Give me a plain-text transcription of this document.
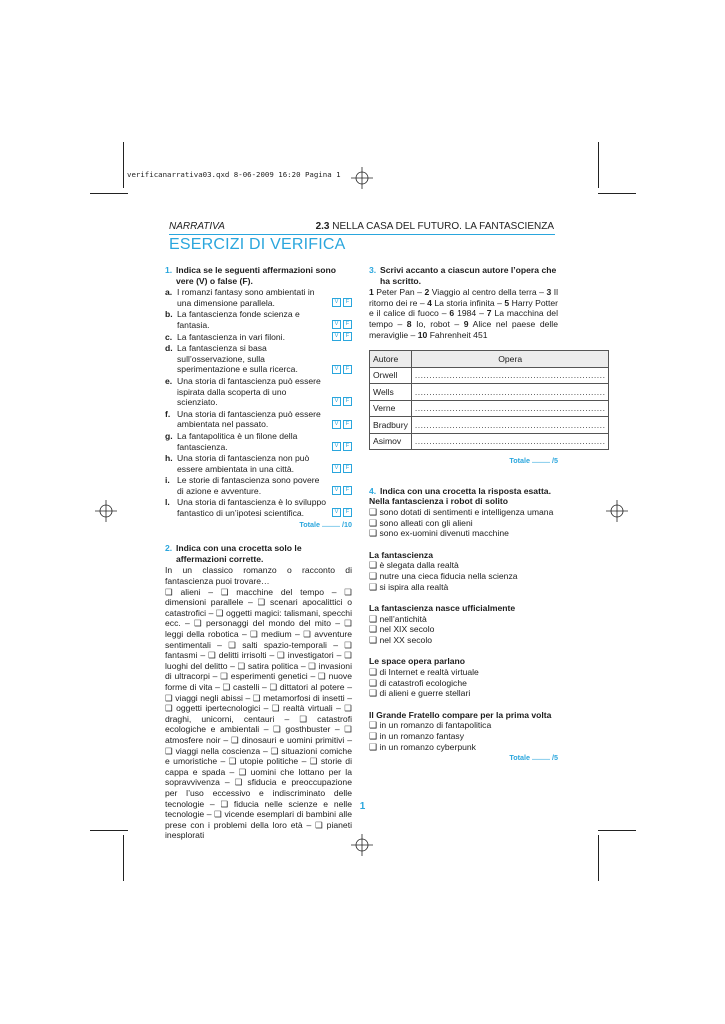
verificanarrativa03.qxd 8-06-2009 16:20 Pagina 1
NARRATIVA	2.3 NELLA CASA DEL FUTURO. LA FANTASCIENZA
ESERCIZI DI VERIFICA
1. Indica se le seguenti affermazioni sono vere (V) o false (F).
a. I romanzi fantasy sono ambientati in una dimensione parallela.	V F
b. La fantascienza fonde scienza e fantasia.	V F
c. La fantascienza in vari filoni.	V F
d. La fantascienza si basa sull’osservazione, sulla sperimentazione e sulla ricerca.	V F
e. Una storia di fantascienza può essere ispirata dalla scoperta di uno scienziato.	V F
f. Una storia di fantascienza può essere ambientata nel passato.	V F
g. La fantapolitica è un filone della fantascienza.	V F
h. Una storia di fantascienza non può essere ambientata in una città.	V F
i. Le storie di fantascienza sono povere di azione e avventure.	V F
l. Una storia di fantascienza è lo sviluppo fantastico di un’ipotesi scientifica.	V F
Totale ......... /10
2. Indica con una crocetta solo le affermazioni corrette.
In un classico romanzo o racconto di fantascienza puoi trovare…
❑ alieni – ❑ macchine del tempo – ❑ dimensioni parallele – ❑ scenari apocalittici o catastrofici – ❑ oggetti magici: talismani, specchi ecc. – ❑ personaggi del mondo del mito – ❑ leggi della robotica – ❑ medium – ❑ avventure sentimentali – ❑ salti spazio-temporali – ❑ fantasmi – ❑ delitti irrisolti – ❑ investigatori – ❑ luoghi del delitto – ❑ satira politica – ❑ invasioni di ultracorpi – ❑ esperimenti genetici – ❑ nuove forme di vita – ❑ castelli – ❑ dittatori al potere – ❑ viaggi negli abissi – ❑ metamorfosi di insetti – ❑ oggetti ipertecnologici – ❑ realtà virtuali – ❑ draghi, unicorni, centauri – ❑ catastrofi ecologiche e ambientali – ❑ gosthbuster – ❑ atmosfere noir – ❑ dinosauri e uomini primitivi – ❑ viaggi nella coscienza – ❑ situazioni comiche e umoristiche – ❑ utopie politiche – ❑ storie di cappa e spada – ❑ uomini che lottano per la sopravvivenza – ❑ sfiducia e preoccupazione per l’uso eccessivo e indiscriminato delle tecnologie – ❑ fiducia nelle scienze e nelle tecnologie – ❑ vicende esemplari di bambini alle prese con i problemi della loro età – ❑ pianeti inesplorati
3. Scrivi accanto a ciascun autore l’opera che ha scritto.
1 Peter Pan – 2 Viaggio al centro della terra – 3 Il ritorno dei re – 4 La storia infinita – 5 Harry Potter e il calice di fuoco – 6 1984 – 7 La macchina del tempo – 8 Io, robot – 9 Alice nel paese delle meraviglie – 10 Fahrenheit 451
Autore	Opera
Orwell	..................................................................

Wells	..................................................................

Verne	..................................................................

Bradbury	..................................................................

Asimov	..................................................................
Totale ......... /5
4. Indica con una crocetta la risposta esatta.
Nella fantascienza i robot di solito
❑ sono dotati di sentimenti e intelligenza umana
❑ sono alleati con gli alieni
❑ sono ex-uomini divenuti macchine
La fantascienza
❑ è slegata dalla realtà
❑ nutre una cieca fiducia nella scienza
❑ si ispira alla realtà
La fantascienza nasce ufficialmente
❑ nell’antichità
❑ nel XIX secolo
❑ nel XX secolo
Le space opera parlano
❑ di Internet e realtà virtuale
❑ di catastrofi ecologiche
❑ di alieni e guerre stellari
Il Grande Fratello compare per la prima volta
❑ in un romanzo di fantapolitica
❑ in un romanzo fantasy
❑ in un romanzo cyberpunk
Totale ......... /5
1
